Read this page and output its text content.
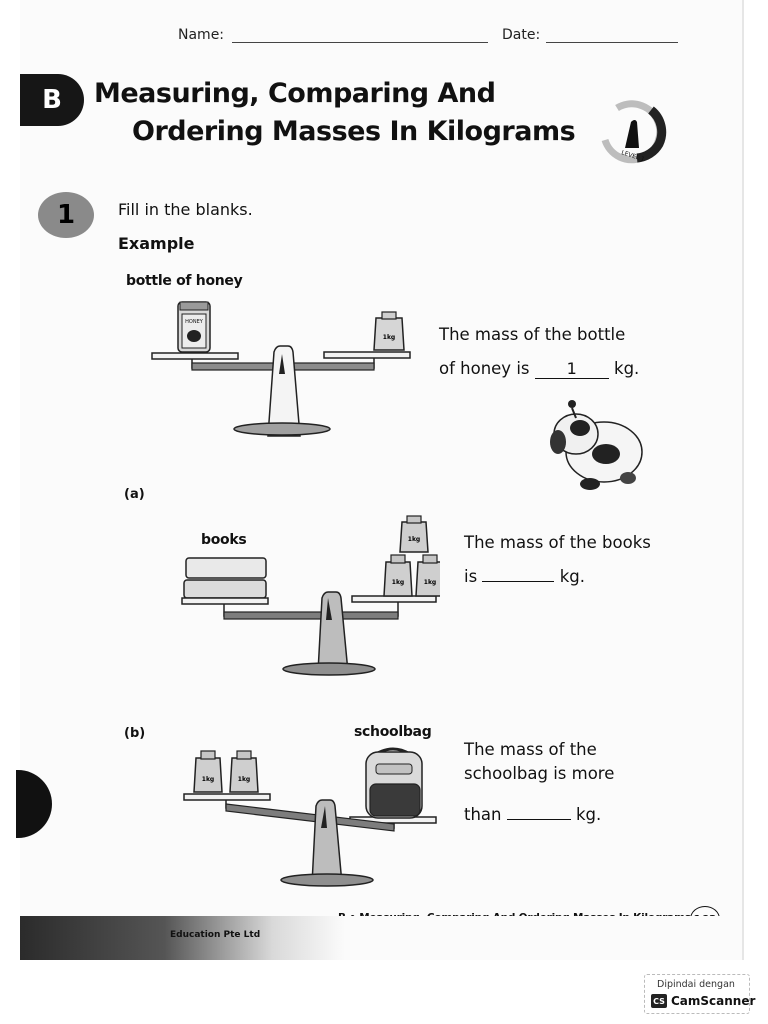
Name:	Date:
Measuring, Comparing And
Ordering Masses In Kilograms
LEVEL 1
Fill in the blanks.
Example
bottle of honey
HONEY
1kg	The mass of the bottle
of honey is 1 kg.
(a)
books	1kg
1kg	1kg
The mass of the books
is	kg.
(b)	schoolbag
1kg	1kg
The mass of the
schoolbag is more
than	kg.
B
1
Education Pte Ltd
Dipindai dengan
CS CamScanner
